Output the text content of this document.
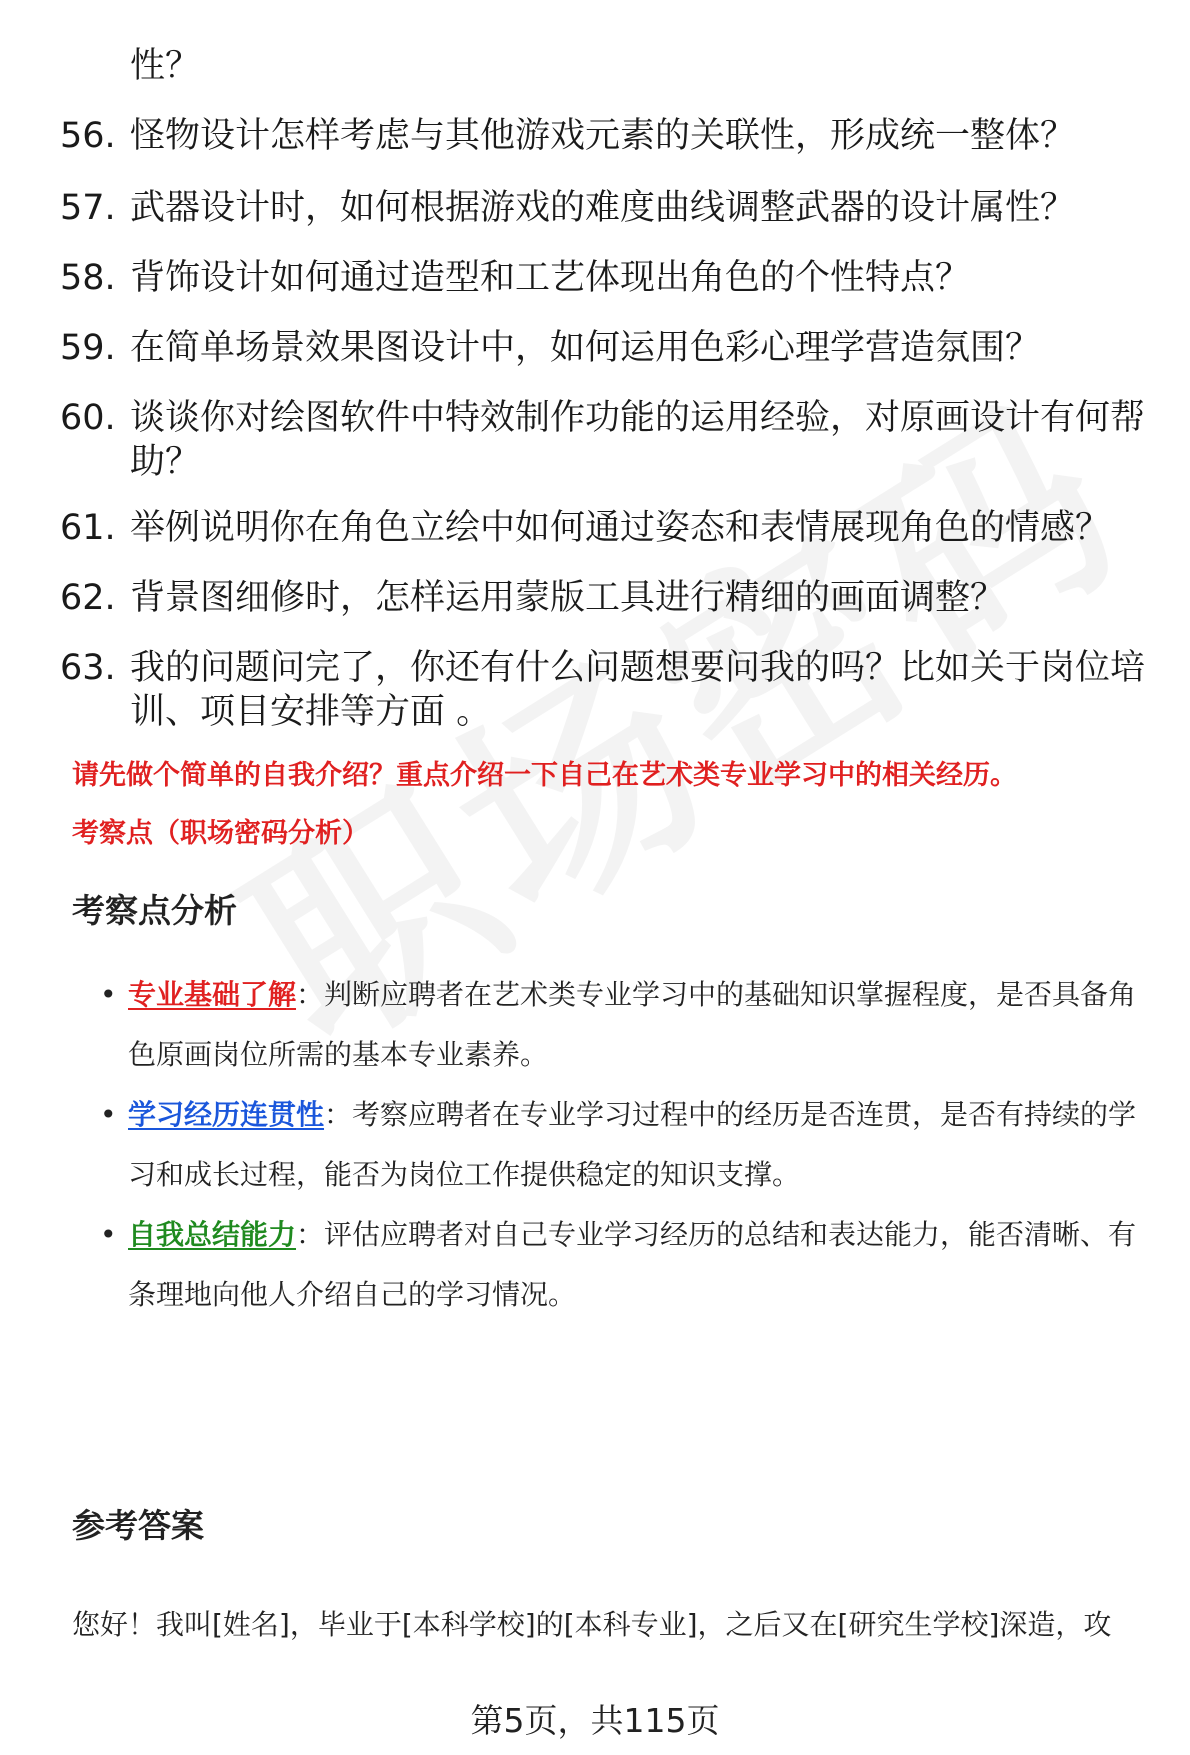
性？
56. 怪物设计怎样考虑与其他游戏元素的关联性，形成统一整体？
57. 武器设计时，如何根据游戏的难度曲线调整武器的设计属性？
58. 背饰设计如何通过造型和工艺体现出角色的个性特点？
59. 在简单场景效果图设计中，如何运用色彩心理学营造氛围？
60. 谈谈你对绘图软件中特效制作功能的运用经验，对原画设计有何帮助？
61. 举例说明你在角色立绘中如何通过姿态和表情展现角色的情感？
62. 背景图细修时，怎样运用蒙版工具进行精细的画面调整？
63. 我的问题问完了，你还有什么问题想要问我的吗？比如关于岗位培训、项目安排等方面 。
请先做个简单的自我介绍？重点介绍一下自己在艺术类专业学习中的相关经历。
考察点（职场密码分析）
考察点分析
• 专业基础了解：判断应聘者在艺术类专业学习中的基础知识掌握程度，是否具备角色原画岗位所需的基本专业素养。
• 学习经历连贯性：考察应聘者在专业学习过程中的经历是否连贯，是否有持续的学习和成长过程，能否为岗位工作提供稳定的知识支撑。
• 自我总结能力：评估应聘者对自己专业学习经历的总结和表达能力，能否清晰、有条理地向他人介绍自己的学习情况。
参考答案
您好！我叫[姓名]，毕业于[本科学校]的[本科专业]，之后又在[研究生学校]深造，攻
第5页，共115页
